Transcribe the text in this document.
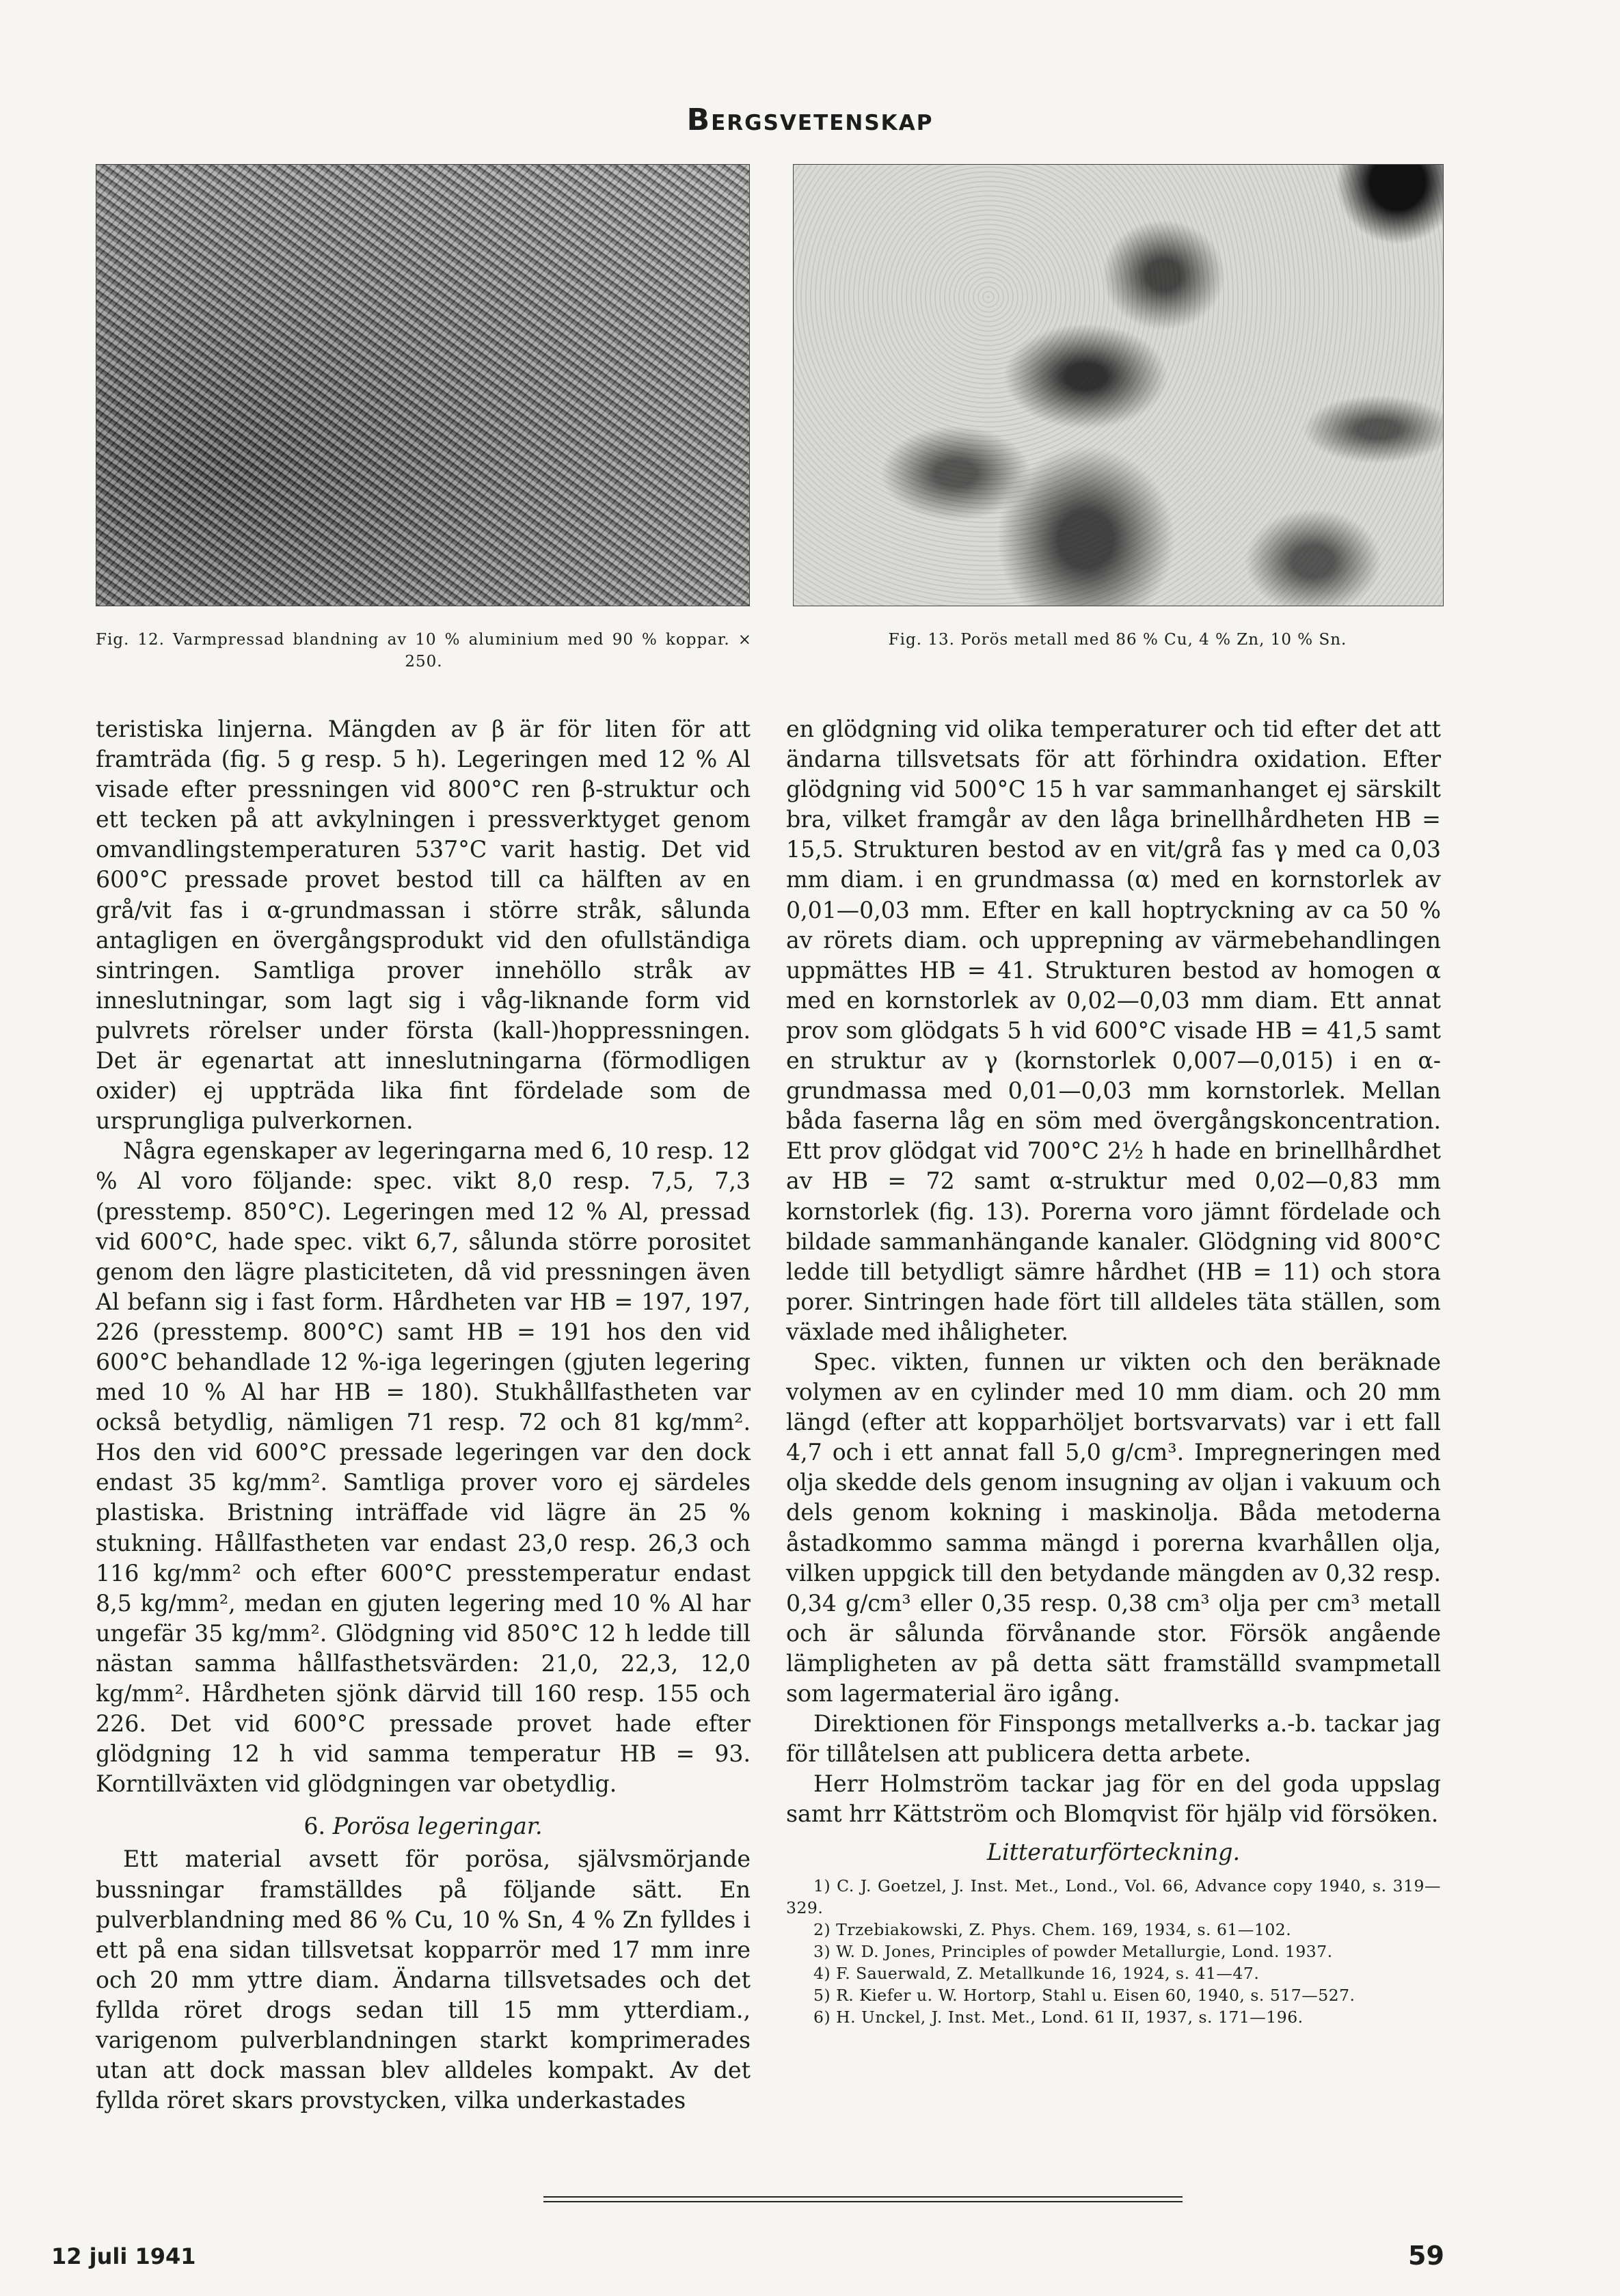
Bergsvetenskap
Fig. 12. Varmpressad blandning av 10 % aluminium med 90 % koppar. × 250.
Fig. 13. Porös metall med 86 % Cu, 4 % Zn, 10 % Sn.

teristiska linjerna. Mängden av β är för liten för att framträda (fig. 5 g resp. 5 h). Legeringen med 12 % Al visade efter pressningen vid 800°C ren β-struktur och ett tecken på att avkylningen i pressverktyget genom omvandlingstemperaturen 537°C varit hastig. Det vid 600°C pressade provet bestod till ca hälften av en grå/vit fas i α-grundmassan i större stråk, sålunda antagligen en övergångsprodukt vid den ofullständiga sintringen. Samtliga prover innehöllo stråk av inneslutningar, som lagt sig i våg-liknande form vid pulvrets rörelser under första (kall-)hoppressningen. Det är egenartat att inneslutningarna (förmodligen oxider) ej uppträda lika fint fördelade som de ursprungliga pulverkornen.

Några egenskaper av legeringarna med 6, 10 resp. 12 % Al voro följande: spec. vikt 8,0 resp. 7,5, 7,3 (presstemp. 850°C). Legeringen med 12 % Al, pressad vid 600°C, hade spec. vikt 6,7, sålunda större porositet genom den lägre plasticiteten, då vid pressningen även Al befann sig i fast form. Hårdheten var HB = 197, 197, 226 (presstemp. 800°C) samt HB = 191 hos den vid 600°C behandlade 12 %-iga legeringen (gjuten legering med 10 % Al har HB = 180). Stukhållfastheten var också betydlig, nämligen 71 resp. 72 och 81 kg/mm². Hos den vid 600°C pressade legeringen var den dock endast 35 kg/mm². Samtliga prover voro ej särdeles plastiska. Bristning inträffade vid lägre än 25 % stukning. Hållfastheten var endast 23,0 resp. 26,3 och 116 kg/mm² och efter 600°C presstemperatur endast 8,5 kg/mm², medan en gjuten legering med 10 % Al har ungefär 35 kg/mm². Glödgning vid 850°C 12 h ledde till nästan samma hållfasthetsvärden: 21,0, 22,3, 12,0 kg/mm². Hårdheten sjönk därvid till 160 resp. 155 och 226. Det vid 600°C pressade provet hade efter glödgning 12 h vid samma temperatur HB = 93. Korntillväxten vid glödgningen var obetydlig.

6. Porösa legeringar.

Ett material avsett för porösa, självsmörjande bussningar framställdes på följande sätt. En pulverblandning med 86 % Cu, 10 % Sn, 4 % Zn fylldes i ett på ena sidan tillsvetsat kopparrör med 17 mm inre och 20 mm yttre diam. Ändarna tillsvetsades och det fyllda röret drogs sedan till 15 mm ytterdiam., varigenom pulverblandningen starkt komprimerades utan att dock massan blev alldeles kompakt. Av det fyllda röret skars provstycken, vilka underkastades

en glödgning vid olika temperaturer och tid efter det att ändarna tillsvetsats för att förhindra oxidation. Efter glödgning vid 500°C 15 h var sammanhanget ej särskilt bra, vilket framgår av den låga brinellhårdheten HB = 15,5. Strukturen bestod av en vit/grå fas γ med ca 0,03 mm diam. i en grundmassa (α) med en kornstorlek av 0,01—0,03 mm. Efter en kall hoptryckning av ca 50 % av rörets diam. och upprepning av värmebehandlingen uppmättes HB = 41. Strukturen bestod av homogen α med en kornstorlek av 0,02—0,03 mm diam. Ett annat prov som glödgats 5 h vid 600°C visade HB = 41,5 samt en struktur av γ (kornstorlek 0,007—0,015) i en α-grundmassa med 0,01—0,03 mm kornstorlek. Mellan båda faserna låg en söm med övergångskoncentration. Ett prov glödgat vid 700°C 2½ h hade en brinellhårdhet av HB = 72 samt α-struktur med 0,02—0,83 mm kornstorlek (fig. 13). Porerna voro jämnt fördelade och bildade sammanhängande kanaler. Glödgning vid 800°C ledde till betydligt sämre hårdhet (HB = 11) och stora porer. Sintringen hade fört till alldeles täta ställen, som växlade med ihåligheter.

Spec. vikten, funnen ur vikten och den beräknade volymen av en cylinder med 10 mm diam. och 20 mm längd (efter att kopparhöljet bortsvarvats) var i ett fall 4,7 och i ett annat fall 5,0 g/cm³. Impregneringen med olja skedde dels genom insugning av oljan i vakuum och dels genom kokning i maskinolja. Båda metoderna åstadkommo samma mängd i porerna kvarhållen olja, vilken uppgick till den betydande mängden av 0,32 resp. 0,34 g/cm³ eller 0,35 resp. 0,38 cm³ olja per cm³ metall och är sålunda förvånande stor. Försök angående lämpligheten av på detta sätt framställd svampmetall som lagermaterial äro igång.

Direktionen för Finspongs metallverks a.-b. tackar jag för tillåtelsen att publicera detta arbete.

Herr Holmström tackar jag för en del goda uppslag samt hrr Kättström och Blomqvist för hjälp vid försöken.

Litteraturförteckning.

1) C. J. Goetzel, J. Inst. Met., Lond., Vol. 66, Advance copy 1940, s. 319—329.

2) Trzebiakowski, Z. Phys. Chem. 169, 1934, s. 61—102.

3) W. D. Jones, Principles of powder Metallurgie, Lond. 1937.

4) F. Sauerwald, Z. Metallkunde 16, 1924, s. 41—47.

5) R. Kiefer u. W. Hortorp, Stahl u. Eisen 60, 1940, s. 517—527.

6) H. Unckel, J. Inst. Met., Lond. 61 II, 1937, s. 171—196.

12 juli 1941	59
